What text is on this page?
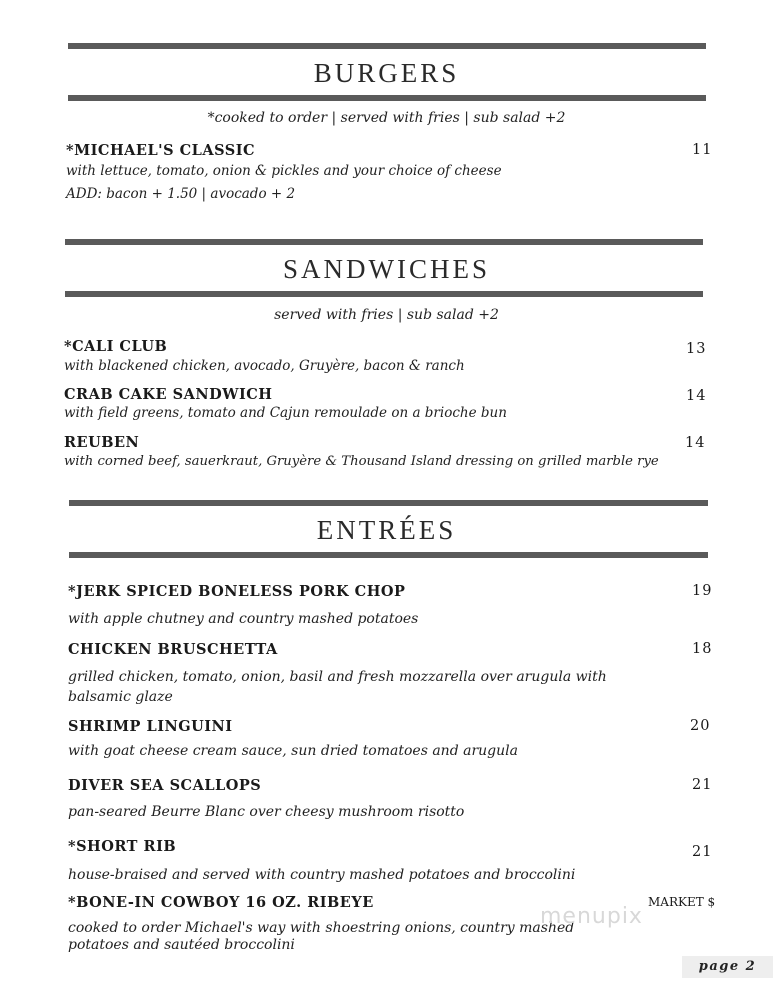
BURGERS
*cooked to order | served with fries | sub salad +2
*MICHAEL'S CLASSIC
with lettuce, tomato, onion & pickles and your choice of cheese
ADD: bacon + 1.50 | avocado + 2
11
SANDWICHES
served with fries | sub salad +2
*CALI CLUB
with blackened chicken, avocado, Gruyère, bacon & ranch
13
CRAB CAKE SANDWICH
with field greens, tomato and Cajun remoulade on a brioche bun
14
REUBEN
with corned beef, sauerkraut, Gruyère & Thousand Island dressing on grilled marble rye
14
ENTRÉES
*JERK SPICED BONELESS PORK CHOP
with apple chutney and country mashed potatoes
19
CHICKEN BRUSCHETTA
grilled chicken, tomato, onion, basil and fresh mozzarella over arugula with
balsamic glaze
18
SHRIMP LINGUINI
with goat cheese cream sauce, sun dried tomatoes and arugula
20
DIVER SEA SCALLOPS
pan-seared Beurre Blanc over cheesy mushroom risotto
21
*SHORT RIB
house-braised and served with country mashed potatoes and broccolini
21
*BONE-IN COWBOY 16 OZ. RIBEYE
cooked to order Michael's way with shoestring onions, country mashed
potatoes and sautéed broccolini
MARKET $
menupix
page 2
